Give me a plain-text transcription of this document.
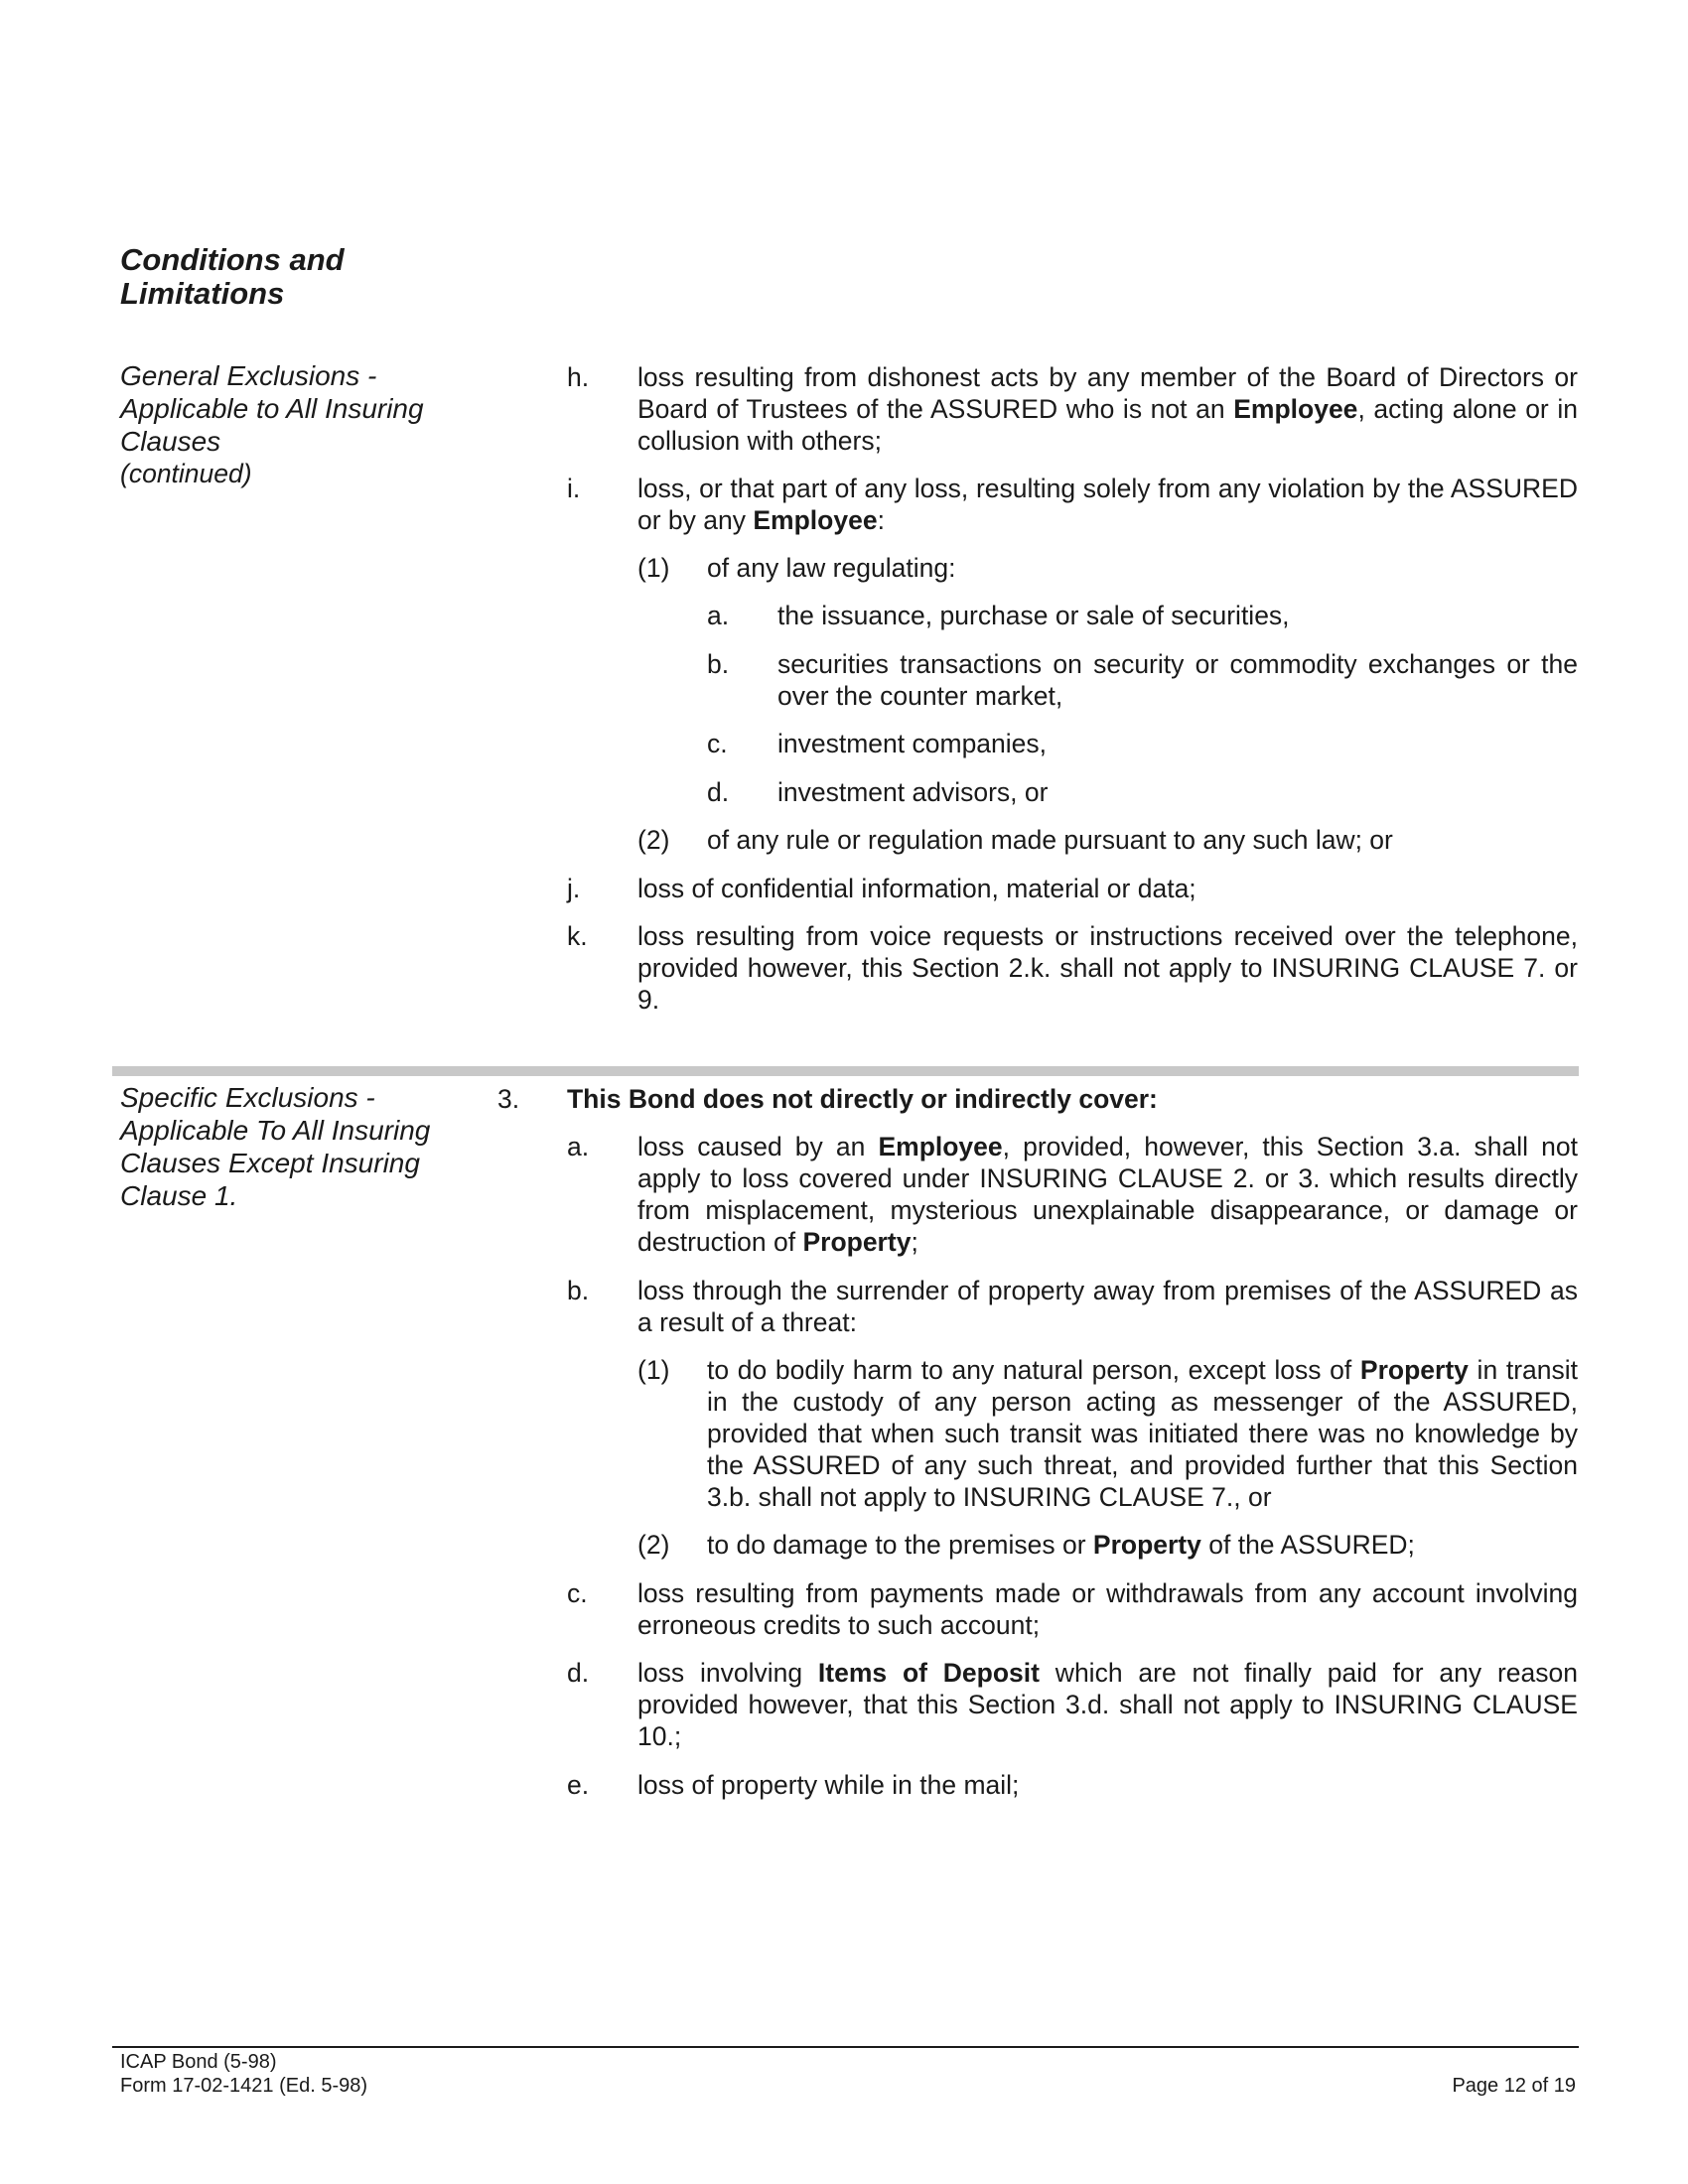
Conditions and
Limitations
General Exclusions -
Applicable to All Insuring
Clauses
(continued)
h. loss resulting from dishonest acts by any member of the Board of Directors or Board of Trustees of the ASSURED who is not an Employee, acting alone or in collusion with others;
i. loss, or that part of any loss, resulting solely from any violation by the ASSURED or by any Employee:
(1) of any law regulating:
a. the issuance, purchase or sale of securities,
b. securities transactions on security or commodity exchanges or the over the counter market,
c. investment companies,
d. investment advisors, or
(2) of any rule or regulation made pursuant to any such law; or
j. loss of confidential information, material or data;
k. loss resulting from voice requests or instructions received over the telephone, provided however, this Section 2.k. shall not apply to INSURING CLAUSE 7. or 9.
Specific Exclusions -
Applicable To All Insuring
Clauses Except Insuring
Clause 1.
3. This Bond does not directly or indirectly cover:
a. loss caused by an Employee, provided, however, this Section 3.a. shall not apply to loss covered under INSURING CLAUSE 2. or 3. which results directly from misplacement, mysterious unexplainable disappearance, or damage or destruction of Property;
b. loss through the surrender of property away from premises of the ASSURED as a result of a threat:
(1) to do bodily harm to any natural person, except loss of Property in transit in the custody of any person acting as messenger of the ASSURED, provided that when such transit was initiated there was no knowledge by the ASSURED of any such threat, and provided further that this Section 3.b. shall not apply to INSURING CLAUSE 7., or
(2) to do damage to the premises or Property of the ASSURED;
c. loss resulting from payments made or withdrawals from any account involving erroneous credits to such account;
d. loss involving Items of Deposit which are not finally paid for any reason provided however, that this Section 3.d. shall not apply to INSURING CLAUSE 10.;
e. loss of property while in the mail;
ICAP Bond (5-98)
Form 17-02-1421 (Ed. 5-98)	Page 12 of 19
